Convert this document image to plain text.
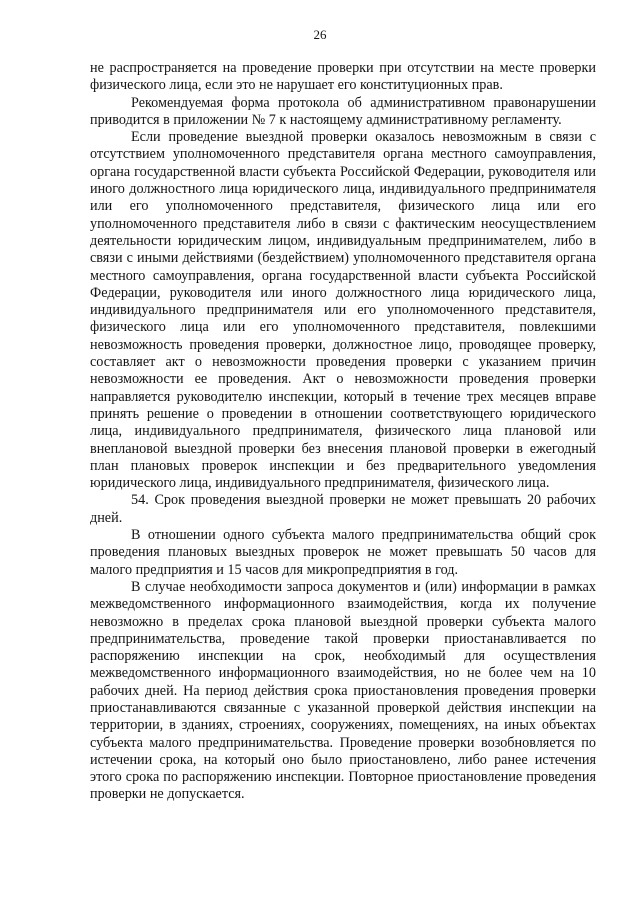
26

не распространяется на проведение проверки при отсутствии на месте проверки физического лица, если это не нарушает его конституционных прав.

Рекомендуемая форма протокола об административном правонарушении приводится в приложении № 7 к настоящему административному регламенту.

Если проведение выездной проверки оказалось невозможным в связи с отсутствием уполномоченного представителя органа местного самоуправления, органа государственной власти субъекта Российской Федерации, руководителя или иного должностного лица юридического лица, индивидуального предпринимателя или его уполномоченного представителя, физического лица или его уполномоченного представителя либо в связи с фактическим неосуществлением деятельности юридическим лицом, индивидуальным предпринимателем, либо в связи с иными действиями (бездействием) уполномоченного представителя органа местного самоуправления, органа государственной власти субъекта Российской Федерации, руководителя или иного должностного лица юридического лица, индивидуального предпринимателя или его уполномоченного представителя, физического лица или его уполномоченного представителя, повлекшими невозможность проведения проверки, должностное лицо, проводящее проверку, составляет акт о невозможности проведения проверки с указанием причин невозможности ее проведения. Акт о невозможности проведения проверки направляется руководителю инспекции, который в течение трех месяцев вправе принять решение о проведении в отношении соответствующего юридического лица, индивидуального предпринимателя, физического лица плановой или внеплановой выездной проверки без внесения плановой проверки в ежегодный план плановых проверок инспекции и без предварительного уведомления юридического лица, индивидуального предпринимателя, физического лица.

54. Срок проведения выездной проверки не может превышать 20 рабочих дней.

В отношении одного субъекта малого предпринимательства общий срок проведения плановых выездных проверок не может превышать 50 часов для малого предприятия и 15 часов для микропредприятия в год.

В случае необходимости запроса документов и (или) информации в рамках межведомственного информационного взаимодействия, когда их получение невозможно в пределах срока плановой выездной проверки субъекта малого предпринимательства, проведение такой проверки приостанавливается по распоряжению инспекции на срок, необходимый для осуществления межведомственного информационного взаимодействия, но не более чем на 10 рабочих дней. На период действия срока приостановления проведения проверки приостанавливаются связанные с указанной проверкой действия инспекции на территории, в зданиях, строениях, сооружениях, помещениях, на иных объектах субъекта малого предпринимательства. Проведение проверки возобновляется по истечении срока, на который оно было приостановлено, либо ранее истечения этого срока по распоряжению инспекции. Повторное приостановление проведения проверки не допускается.
